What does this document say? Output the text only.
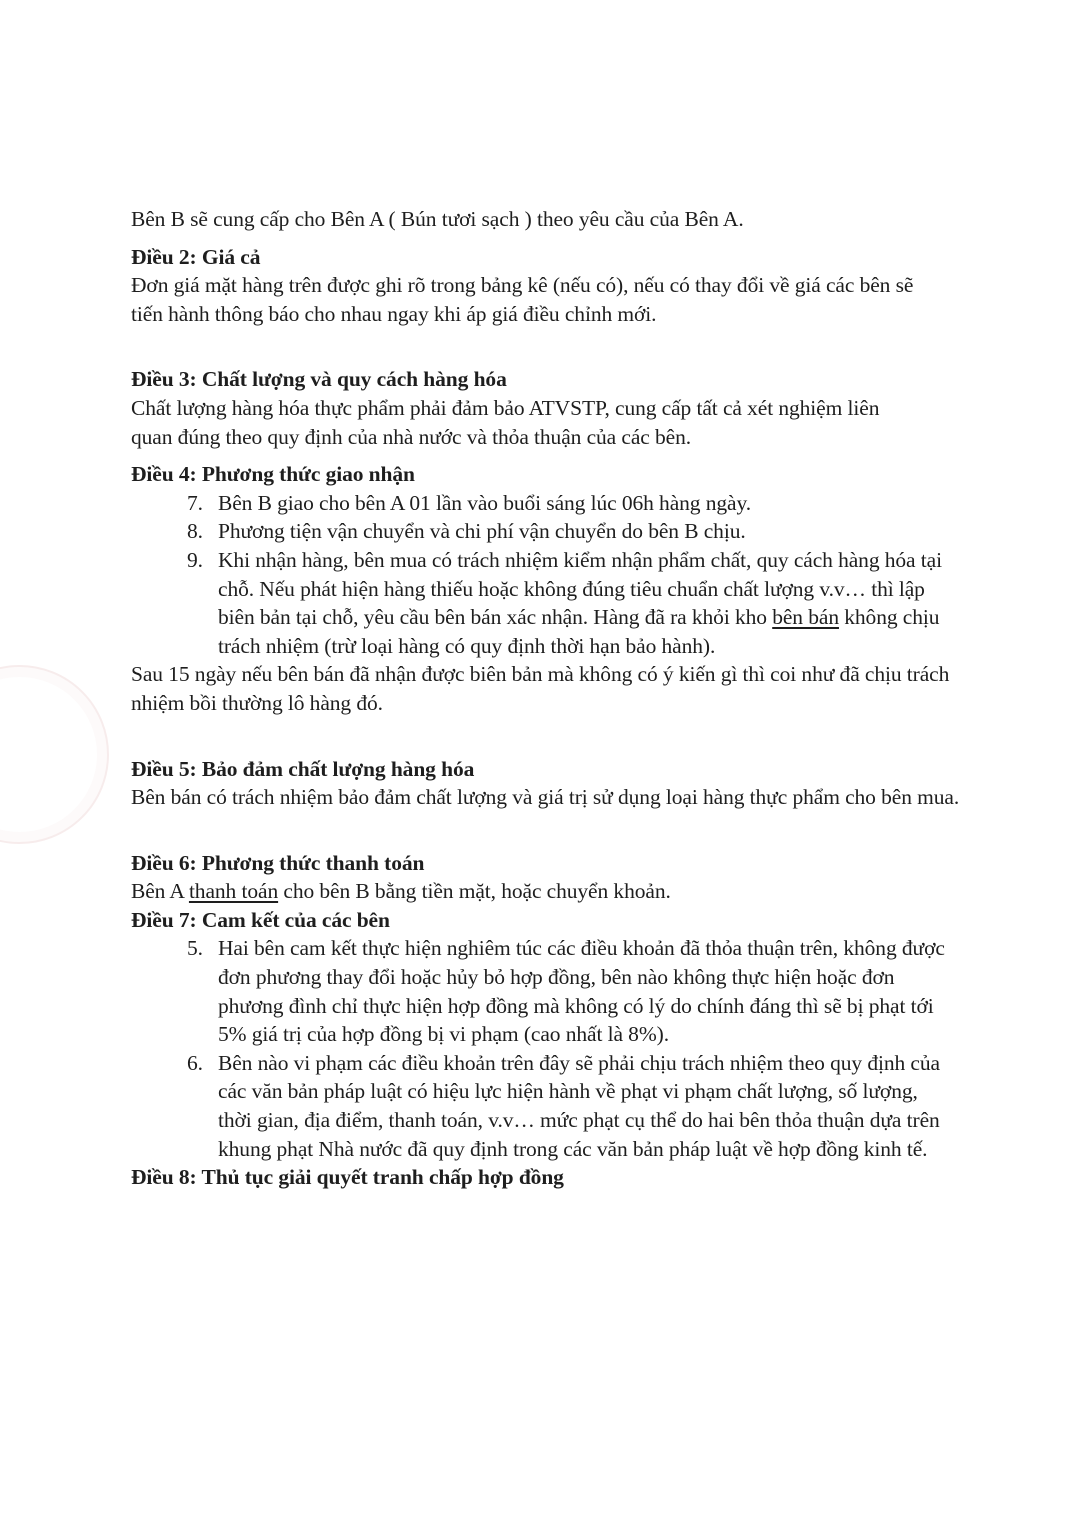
Bên B sẽ cung cấp cho Bên A ( Bún tươi sạch ) theo yêu cầu của Bên A.

Điều 2: Giá cả

Đơn giá mặt hàng trên được ghi rõ trong bảng kê (nếu có), nếu có thay đổi về giá các bên sẽ tiến hành thông báo cho nhau ngay khi áp giá điều chỉnh mới.

Điều 3: Chất lượng và quy cách hàng hóa

Chất lượng hàng hóa thực phẩm phải đảm bảo ATVSTP, cung cấp tất cả xét nghiệm liên quan đúng theo quy định của nhà nước và thỏa thuận của các bên.

Điều 4: Phương thức giao nhận

7. Bên B giao cho bên A 01 lần vào buổi sáng lúc 06h hàng ngày.
8. Phương tiện vận chuyển và chi phí vận chuyển do bên B chịu.
9. Khi nhận hàng, bên mua có trách nhiệm kiểm nhận phẩm chất, quy cách hàng hóa tại chỗ. Nếu phát hiện hàng thiếu hoặc không đúng tiêu chuẩn chất lượng v.v… thì lập biên bản tại chỗ, yêu cầu bên bán xác nhận. Hàng đã ra khỏi kho bên bán không chịu trách nhiệm (trừ loại hàng có quy định thời hạn bảo hành).

Sau 15 ngày nếu bên bán đã nhận được biên bản mà không có ý kiến gì thì coi như đã chịu trách nhiệm bồi thường lô hàng đó.

Điều 5: Bảo đảm chất lượng hàng hóa

Bên bán có trách nhiệm bảo đảm chất lượng và giá trị sử dụng loại hàng thực phẩm cho bên mua.

Điều 6: Phương thức thanh toán

Bên A thanh toán cho bên B bằng tiền mặt, hoặc chuyển khoản.

Điều 7: Cam kết của các bên

5. Hai bên cam kết thực hiện nghiêm túc các điều khoản đã thỏa thuận trên, không được đơn phương thay đổi hoặc hủy bỏ hợp đồng, bên nào không thực hiện hoặc đơn phương đình chỉ thực hiện hợp đồng mà không có lý do chính đáng thì sẽ bị phạt tới 5% giá trị của hợp đồng bị vi phạm (cao nhất là 8%).
6. Bên nào vi phạm các điều khoản trên đây sẽ phải chịu trách nhiệm theo quy định của các văn bản pháp luật có hiệu lực hiện hành về phạt vi phạm chất lượng, số lượng, thời gian, địa điểm, thanh toán, v.v… mức phạt cụ thể do hai bên thỏa thuận dựa trên khung phạt Nhà nước đã quy định trong các văn bản pháp luật về hợp đồng kinh tế.

Điều 8: Thủ tục giải quyết tranh chấp hợp đồng
